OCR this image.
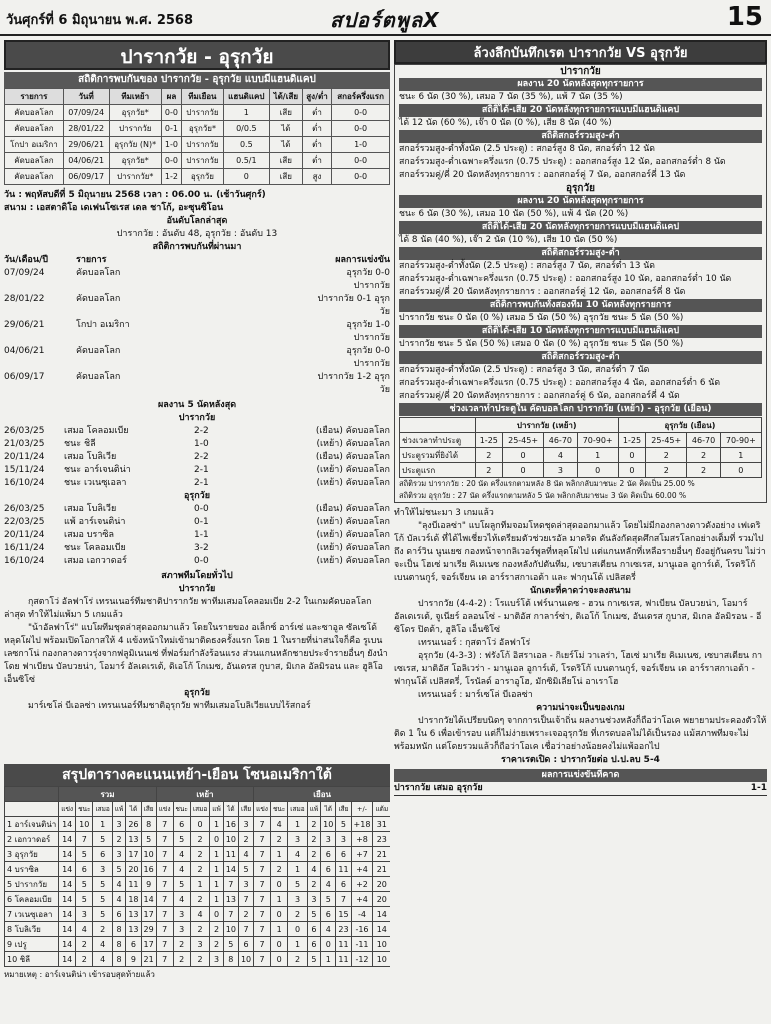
วันศุกร์ที่ 6 มิถุนายน พ.ศ. 2568	สปอร์ตพูลX	15
ปารากวัย - อุรุกวัย
สถิติการพบกันของ ปารากวัย - อุรุกวัย แบบมีแฮนดิแคป
รายการ	วันที่	ทีมเหย้า	ผล	ทีมเยือน	แฮนดิแคป	ได้/เสีย	สูง/ต่ำ	สกอร์ครึ่งแรก
คัดบอลโลก	07/09/24	อุรุกวัย*	0-0	ปารากวัย	1	เสีย	ต่ำ	0-0
คัดบอลโลก	28/01/22	ปารากวัย	0-1	อุรุกวัย*	0/0.5	ได้	ต่ำ	0-0
โกปา อเมริกา	29/06/21	อุรุกวัย (N)*	1-0	ปารากวัย	0.5	ได้	ต่ำ	1-0
คัดบอลโลก	04/06/21	อุรุกวัย*	0-0	ปารากวัย	0.5/1	เสีย	ต่ำ	0-0
คัดบอลโลก	06/09/17	ปารากวัย*	1-2	อุรุกวัย	0	เสีย	สูง	0-0
วัน : พฤหัสบดีที่ 5 มิถุนายน 2568 เวลา : 06.00 น. (เช้าวันศุกร์)
สนาม : เอสตาดิโอ เดเฟนโซเรส เดล ชาโก้, อะซุนซิโอน
อันดับโลกล่าสุด
ปารากวัย : อันดับ 48, อุรุกวัย : อันดับ 13
สถิติการพบกันที่ผ่านมา
วัน/เดือน/ปี	รายการ	ผลการแข่งขัน
07/09/24	คัดบอลโลก	อุรุกวัย 0-0 ปารากวัย
28/01/22	คัดบอลโลก	ปารากวัย 0-1 อุรุกวัย
29/06/21	โกปา อเมริกา	อุรุกวัย 1-0 ปารากวัย
04/06/21	คัดบอลโลก	อุรุกวัย 0-0 ปารากวัย
06/09/17	คัดบอลโลก	ปารากวัย 1-2 อุรุกวัย
ผลงาน 5 นัดหลังสุด
ปารากวัย
26/03/25	เสมอ โคลอมเบีย	2-2	(เยือน) คัดบอลโลก
21/03/25	ชนะ ชิลี	1-0	(เหย้า) คัดบอลโลก
20/11/24	เสมอ โบลิเวีย	2-2	(เยือน) คัดบอลโลก
15/11/24	ชนะ อาร์เจนติน่า	2-1	(เหย้า) คัดบอลโลก
16/10/24	ชนะ เวเนซุเอลา	2-1	(เหย้า) คัดบอลโลก
อุรุกวัย
26/03/25	เสมอ โบลิเวีย	0-0	(เยือน) คัดบอลโลก
22/03/25	แพ้ อาร์เจนติน่า	0-1	(เหย้า) คัดบอลโลก
20/11/24	เสมอ บราซิล	1-1	(เหย้า) คัดบอลโลก
16/11/24	ชนะ โคลอมเบีย	3-2	(เหย้า) คัดบอลโลก
16/10/24	เสมอ เอกวาดอร์	0-0	(เหย้า) คัดบอลโลก
สภาพทีมโดยทั่วไป
ปารากวัย

กุสตาโว่ อัลฟาโร่ เทรนเนอร์ทีมชาติปารากวัย พาทีมเสมอโคลอมเบีย 2-2 ในเกมคัดบอลโลกล่าสุด ทำให้ไม่แพ้มา 5 เกมแล้ว

"น้าอัลฟาโร่" แบโผทีมชุดล่าสุดออกมาแล้ว โดยในรายของ อเล็กซ์ อาร์เซ่ และซาอูล ซัลเซโด้ หลุดโผไป พร้อมเปิดโอกาสให้ 4 แข้งหน้าใหม่เข้ามาติดธงครั้งแรก โดย 1 ในรายที่น่าสนใจก็คือ รูเบน เลซกาโน่ กองกลางดาวรุ่งจากฟลูมิเนนเซ่ ที่ฟอร์มกำลังร้อนแรง ส่วนแกนหลักชายประจำรายอื่นๆ ยังนำโดย ฟาเบียน บัลบวยน่า, โอมาร์ อัลเดเรเต้, ดิเอโก้ โกเมซ, อันเดรส กูบาส, มิเกล อัลมิรอน และ ฮูลิโอ เอ็นซิโซ่

อุรุกวัย

มาร์เซโล่ บีเอลซ่า เทรนเนอร์ทีมชาติอุรุกวัย พาทีมเสมอโบลิเวียแบบไร้สกอร์

สรุปตารางคะแนนเหย้า-เยือน โซนอเมริกาใต้
	รวม						เหย้า						เยือน							
	แข่ง	ชนะ	เสมอ	แพ้	ได้	เสีย	แข่ง	ชนะ	เสมอ	แพ้	ได้	เสีย	แข่ง	ชนะ	เสมอ	แพ้	ได้	เสีย	+/-	แต้ม
1 อาร์เจนติน่า	14	10	1	3	26	8	7	6	0	1	16	3	7	4	1	2	10	5	+18	31
2 เอกวาดอร์	14	7	5	2	13	5	7	5	2	0	10	2	7	2	3	2	3	3	+8	23
3 อุรุกวัย	14	5	6	3	17	10	7	4	2	1	11	4	7	1	4	2	6	6	+7	21
4 บราซิล	14	6	3	5	20	16	7	4	2	1	14	5	7	2	1	4	6	11	+4	21
5 ปารากวัย	14	5	5	4	11	9	7	5	1	1	7	3	7	0	5	2	4	6	+2	20
6 โคลอมเบีย	14	5	5	4	18	14	7	4	2	1	13	7	7	1	3	3	5	7	+4	20
7 เวเนซุเอลา	14	3	5	6	13	17	7	3	4	0	7	2	7	0	2	5	6	15	-4	14
8 โบลิเวีย	14	4	2	8	13	29	7	3	2	2	10	7	7	1	0	6	4	23	-16	14
9 เปรู	14	2	4	8	6	17	7	2	3	2	5	6	7	0	1	6	0	11	-11	10
10 ชิลี	14	2	4	8	9	21	7	2	2	3	8	10	7	0	2	5	1	11	-12	10
หมายเหตุ : อาร์เจนติน่า เข้ารอบสุดท้ายแล้ว
ล้วงลึกบันทึกเรต ปารากวัย VS อุรุกวัย
ปารากวัย
ผลงาน 20 นัดหลังสุดทุกรายการ
ชนะ 6 นัด (30 %), เสมอ 7 นัด (35 %), แพ้ 7 นัด (35 %)
สถิติได้-เสีย 20 นัดหลังทุกรายการแบบมีแฮนดิแคป
ได้ 12 นัด (60 %), เจ๊า 0 นัด (0 %), เสีย 8 นัด (40 %)
สถิติสกอร์รวมสูง-ต่ำ
สกอร์รวมสูง-ต่ำทั้งนัด (2.5 ประตู) : สกอร์สูง 8 นัด, สกอร์ต่ำ 12 นัด
สกอร์รวมสูง-ต่ำเฉพาะครึ่งแรก (0.75 ประตู) : ออกสกอร์สูง 12 นัด, ออกสกอร์ต่ำ 8 นัด
สกอร์รวมคู่/คี่ 20 นัดหลังทุกรายการ : ออกสกอร์คู่ 7 นัด, ออกสกอร์คี่ 13 นัด
อุรุกวัย
ผลงาน 20 นัดหลังสุดทุกรายการ
ชนะ 6 นัด (30 %), เสมอ 10 นัด (50 %), แพ้ 4 นัด (20 %)
สถิติได้-เสีย 20 นัดหลังทุกรายการแบบมีแฮนดิแคป
ได้ 8 นัด (40 %), เจ๊า 2 นัด (10 %), เสีย 10 นัด (50 %)
สถิติสกอร์รวมสูง-ต่ำ
สกอร์รวมสูง-ต่ำทั้งนัด (2.5 ประตู) : สกอร์สูง 7 นัด, สกอร์ต่ำ 13 นัด
สกอร์รวมสูง-ต่ำเฉพาะครึ่งแรก (0.75 ประตู) : ออกสกอร์สูง 10 นัด, ออกสกอร์ต่ำ 10 นัด
สกอร์รวมคู่/คี่ 20 นัดหลังทุกรายการ : ออกสกอร์คู่ 12 นัด, ออกสกอร์คี่ 8 นัด
สถิติการพบกันทั้งสองทีม 10 นัดหลังทุกรายการ
ปารากวัย ชนะ 0 นัด (0 %) เสมอ 5 นัด (50 %) อุรุกวัย ชนะ 5 นัด (50 %)
สถิติได้-เสีย 10 นัดหลังทุกรายการแบบมีแฮนดิแคป
ปารากวัย ชนะ 5 นัด (50 %) เสมอ 0 นัด (0 %) อุรุกวัย ชนะ 5 นัด (50 %)
สถิติสกอร์รวมสูง-ต่ำ
สกอร์รวมสูง-ต่ำทั้งนัด (2.5 ประตู) : สกอร์สูง 3 นัด, สกอร์ต่ำ 7 นัด
สกอร์รวมสูง-ต่ำเฉพาะครึ่งแรก (0.75 ประตู) : ออกสกอร์สูง 4 นัด, ออกสกอร์ต่ำ 6 นัด
สกอร์รวมคู่/คี่ 20 นัดหลังทุกรายการ : ออกสกอร์คู่ 6 นัด, ออกสกอร์คี่ 4 นัด
ช่วงเวลาทำประตูใน คัดบอลโลก ปารากวัย (เหย้า) - อุรุกวัย (เยือน)
	ปารากวัย (เหย้า)				อุรุกวัย (เยือน)			
ช่วงเวลาทำประตู	1-25	25-45+	46-70	70-90+	1-25	25-45+	46-70	70-90+
ประตูรวมที่ยิงได้	2	0	4	1	0	2	2	1
ประตูแรก	2	0	3	0	0	2	2	0
สถิติรวม ปารากวัย : 20 นัด ครึ่งแรกตามหลัง 8 นัด พลิกกลับมาชนะ 2 นัด คิดเป็น 25.00 %
สถิติรวม อุรุกวัย : 27 นัด ครึ่งแรกตามหลัง 5 นัด พลิกกลับมาชนะ 3 นัด คิดเป็น 60.00 %

ทำให้ไม่ชนะมา 3 เกมแล้ว

"ลุงบีเอลซ่า" แบโผลูกทีมจอมโหดชุดล่าสุดออกมาแล้ว โดยไม่มีกองกลางดาวดังอย่าง เฟเดริโก้ บัลเวร์เด้ ที่ได้ไพเชี่ยวไห้เตรียมตัวช่วยเรอัล มาดริด ดันลังกัดสุดศึกสโมสรโลกอย่างเต็มที่ รวมไปถึง ดาร์วิน นูนเยซ กองหน้าจากลิเวอร์พูลที่หลุดโผไป แต่แกนหลักที่เหลือรายอื่นๆ ยังอยู่กันครบ ไม่ว่าจะเป็น โฮเซ่ มาเรีย คิเมเนซ กองหลังกัปตันทีม, เซบาสเตียน กาเซเรส, มานูเอล อูการ์เต้, โรดริโก้ เบนตานกูร์, จอร์เจียน เด อาร์ราสกาเอต้า และ ฟากุนโด้ เปลิสตรี่

นักเตะที่คาดว่าจะลงสนาม

ปารากวัย (4-4-2) : โรแบร์โต้ เฟร์นานเดซ - ฮวน กาเซเรส, ฟาเบียน บัลบวยน่า, โอมาร์ อัลเดเรเต้, จูเนียร์ อลอนโซ่ - มาติอัส กาลาร์ซ่า, ดิเอโก้ โกเมซ, อันเดรส กูบาส, มิเกล อัลมิรอน - อีซิโดร ปิตต้า, ฮูลิโอ เอ็นซิโซ่

เทรนเนอร์ : กุสตาโว่ อัลฟาโร่

อุรุกวัย (4-3-3) : ฟรังโก้ อิสราเอล - กิเยร์โม่ วาเลร่า, โฮเซ่ มาเรีย คิเมเนซ, เซบาสเตียน กาเซเรส, มาติอัส โอลิเวร่า - มานูเอล อูการ์เต้, โรดริโก้ เบนตานกูร์, จอร์เจียน เด อาร์ราสกาเอต้า - ฟากุนโด้ เปลิสตรี่, โรนัลด์ อาราอูโฮ, มักซิมิเลียโน่ อาเราโฮ

เทรนเนอร์ : มาร์เซโล่ บีเอลซ่า

ความน่าจะเป็นของเกม

ปารากวัยได้เปรียบนิดๆ จากการเป็นเจ้าถิ่น ผลงานช่วงหลังก็ถือว่าโอเค พยายามประคองตัวให้ติด 1 ใน 6 เพื่อเข้ารอบ แต่ก็ไม่ง่ายเพราะเจออุรุกวัย ที่เกรดบอลไม่ได้เป็นรอง แม้สภาพทีมจะไม่พร้อมหนัก แต่โดยรวมแล้วก็ถือว่าโอเค เชื่อว่าอย่างน้อยคงไม่แพ้ออกไป

ราคาเรตเปิด : ปารากวัยต่อ ป.ป.ลบ 5-4
ผลการแข่งขันที่คาด
ปารากวัย เสมอ อุรุกวัย	1-1
